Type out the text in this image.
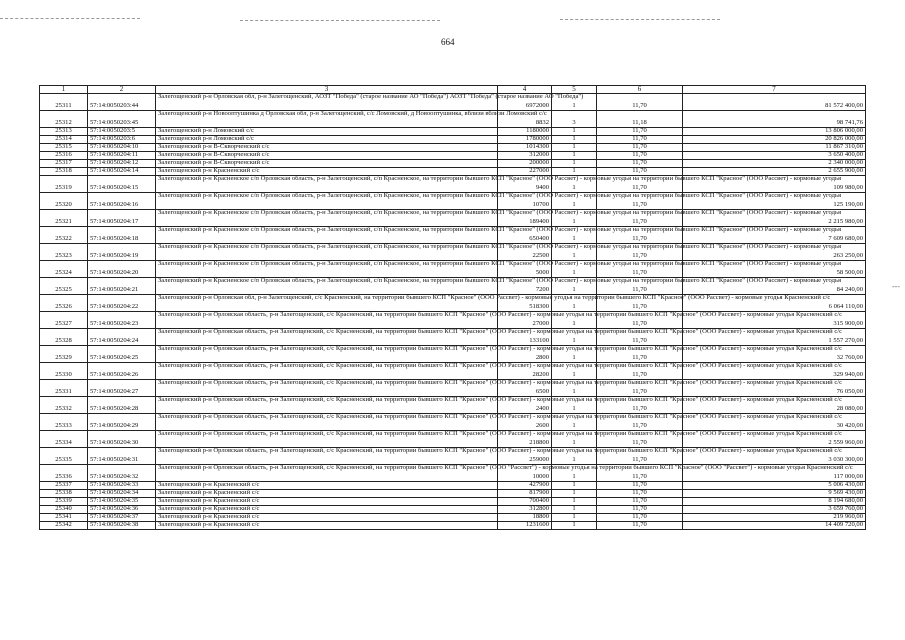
664
- - -
1	2	3	4	5	6	7
25311	57:14:0050203:44	Залегощенский р-н Орловская обл, р-н Залегощенский, АОЗТ "Победа" (старое название АО "Победа") АОЗТ "Победа" (старое название АО "Победа")	6972000	1	11,70	81 572 400,00
25312	57:14:0050203:45	Залегощенский р-н Новоопту​шинка д Орловская обл, р-н Залегощенский, с/с Ломовский, д Новоопту​шинка, вблизи вблизи Ломовский с/с	8832	3	11,18	98 741,76
25313	57:14:0050203:5	Залегощенский р-н Ломовский с/с	1180000	1	11,70	13 806 000,00
25314	57:14:0050203:6	Залегощенский р-н Ломовский с/с	1780000	1	11,70	20 826 000,00
25315	57:14:0050204:10	Залегощенский р-н В-Скворченский с/с	1014300	1	11,70	11 867 310,00
25316	57:14:0050204:11	Залегощенский р-н В-Скворченский с/с	312000	1	11,70	3 650 400,00
25317	57:14:0050204:12	Залегощенский р-н В-Скворченский с/с	200000	1	11,70	2 340 000,00
25318	57:14:0050204:14	Залегощенский р-н Красненский с/с	227000	1	11,70	2 655 900,00
25319	57:14:0050204:15	Залегощенский р-н Красненское с/п Орловская область, р-н Залегощенский, с/п Красненское, на территории бывшего КСП "Красное" (ООО Рассвет) - кормовые угодья на территории бывшего КСП "Красное" (ООО Рассвет) - кормовые угодья	9400	1	11,70	109 980,00
25320	57:14:0050204:16	Залегощенский р-н Красненское с/п Орловская область, р-н Залегощенский, с/п Красненское, на территории бывшего КСП "Красное" (ООО Рассвет) - кормовые угодья на территории бывшего КСП "Красное" (ООО Рассвет) - кормовые угодья	10700	1	11,70	125 190,00
25321	57:14:0050204:17	Залегощенский р-н Красненское с/п Орловская область, р-н Залегощенский, с/п Красненское, на территории бывшего КСП "Красное" (ООО Рассвет) - кормовые угодья на территории бывшего КСП "Красное" (ООО Рассвет) - кормовые угодья	189400	1	11,70	2 215 980,00
25322	57:14:0050204:18	Залегощенский р-н Красненское с/п Орловская область, р-н Залегощенский, с/п Красненское, на территории бывшего КСП "Красное" (ООО Рассвет) - кормовые угодья на территории бывшего КСП "Красное" (ООО Рассвет) - кормовые угодья	650400	1	11,70	7 609 680,00
25323	57:14:0050204:19	Залегощенский р-н Красненское с/п Орловская область, р-н Залегощенский, с/п Красненское, на территории бывшего КСП "Красное" (ООО Рассвет) - кормовые угодья на территории бывшего КСП "Красное" (ООО Рассвет) - кормовые угодья	22500	1	11,70	263 250,00
25324	57:14:0050204:20	Залегощенский р-н Красненское с/п Орловская область, р-н Залегощенский, с/п Красненское, на территории бывшего КСП "Красное" (ООО Рассвет) - кормовые угодья на территории бывшего КСП "Красное" (ООО Рассвет) - кормовые угодья	5000	1	11,70	58 500,00
25325	57:14:0050204:21	Залегощенский р-н Красненское с/п Орловская область, р-н Залегощенский, с/п Красненское, на территории бывшего КСП "Красное" (ООО Рассвет) - кормовые угодья на территории бывшего КСП "Красное" (ООО Рассвет) - кормовые угодья	7200	1	11,70	84 240,00
25326	57:14:0050204:22	Залегощенский р-н Орловская обл, р-н Залегощенский, с/с Красненский, на территории бывшего КСП "Красное" (ООО Рассвет) - кормовые угодья на территории бывшего КСП "Красное" (ООО Рассвет) - кормовые угодья Красненский с/с	518300	1	11,70	6 064 110,00
25327	57:14:0050204:23	Залегощенский р-н Орловская область, р-н Залегощенский, с/с Красненский, на территории бывшего КСП "Красное" (ООО Рассвет) - кормовые угодья на территории бывшего КСП "Красное" (ООО Рассвет) - кормовые угодья Красненский с/с	27000	1	11,70	315 900,00
25328	57:14:0050204:24	Залегощенский р-н Орловская область, р-н Залегощенский, с/с Красненский, на территории бывшего КСП "Красное" (ООО Рассвет) - кормовые угодья на территории бывшего КСП "Красное" (ООО Рассвет) - кормовые угодья Красненский с/с	133100	1	11,70	1 557 270,00
25329	57:14:0050204:25	Залегощенский р-н Орловская область, р-н Залегощенский, с/с Красненский, на территории бывшего КСП "Красное" (ООО Рассвет) - кормовые угодья на территории бывшего КСП "Красное" (ООО Рассвет) - кормовые угодья Красненский с/с	2800	1	11,70	32 760,00
25330	57:14:0050204:26	Залегощенский р-н Орловская область, р-н Залегощенский, с/с Красненский, на территории бывшего КСП "Красное" (ООО Рассвет) - кормовые угодья на территории бывшего КСП "Красное" (ООО Рассвет) - кормовые угодья Красненский с/с	28200	1	11,70	329 940,00
25331	57:14:0050204:27	Залегощенский р-н Орловская область, р-н Залегощенский, с/с Красненский, на территории бывшего КСП "Красное" (ООО Рассвет) - кормовые угодья на территории бывшего КСП "Красное" (ООО Рассвет) - кормовые угодья Красненский с/с	6500	1	11,70	76 050,00
25332	57:14:0050204:28	Залегощенский р-н Орловская область, р-н Залегощенский, с/с Красненский, на территории бывшего КСП "Красное" (ООО Рассвет) - кормовые угодья на территории бывшего КСП "Красное" (ООО Рассвет) - кормовые угодья Красненский с/с	2400	1	11,70	28 080,00
25333	57:14:0050204:29	Залегощенский р-н Орловская область, р-н Залегощенский, с/с Красненский, на территории бывшего КСП "Красное" (ООО Рассвет) - кормовые угодья на территории бывшего КСП "Красное" (ООО Рассвет) - кормовые угодья Красненский с/с	2600	1	11,70	30 420,00
25334	57:14:0050204:30	Залегощенский р-н Орловская область, р-н Залегощенский, с/с Красненский, на территории бывшего КСП "Красное" (ООО Рассвет) - кормовые угодья на территории бывшего КСП "Красное" (ООО Рассвет) - кормовые угодья Красненский с/с	218800	1	11,70	2 559 960,00
25335	57:14:0050204:31	Залегощенский р-н Орловская область, р-н Залегощенский, с/с Красненский, на территории бывшего КСП "Красное" (ООО Рассвет) - кормовые угодья на территории бывшего КСП "Красное" (ООО Рассвет) - кормовые угодья Красненский с/с	259000	1	11,70	3 030 300,00
25336	57:14:0050204:32	Залегощенский р-н Орловская область, р-н Залегощенский, с/с Красненский, на территории бывшего КСП "Красное" (ООО "Рассвет") - кормовые угодья на территории бывшего КСП "Красное" (ООО "Рассвет") - кормовые угодья Красненский с/с	10000	1	11,70	117 000,00
25337	57:14:0050204:33	Залегощенский р-н Красненский с/с	427900	1	11,70	5 006 430,00
25338	57:14:0050204:34	Залегощенский р-н Красненский с/с	817900	1	11,70	9 569 430,00
25339	57:14:0050204:35	Залегощенский р-н Красненский с/с	700400	1	11,70	8 194 680,00
25340	57:14:0050204:36	Залегощенский р-н Красненский с/с	312800	1	11,70	3 659 760,00
25341	57:14:0050204:37	Залегощенский р-н Красненский с/с	18800	1	11,70	219 960,00
25342	57:14:0050204:38	Залегощенский р-н Красненский с/с	1231600	1	11,70	14 409 720,00
